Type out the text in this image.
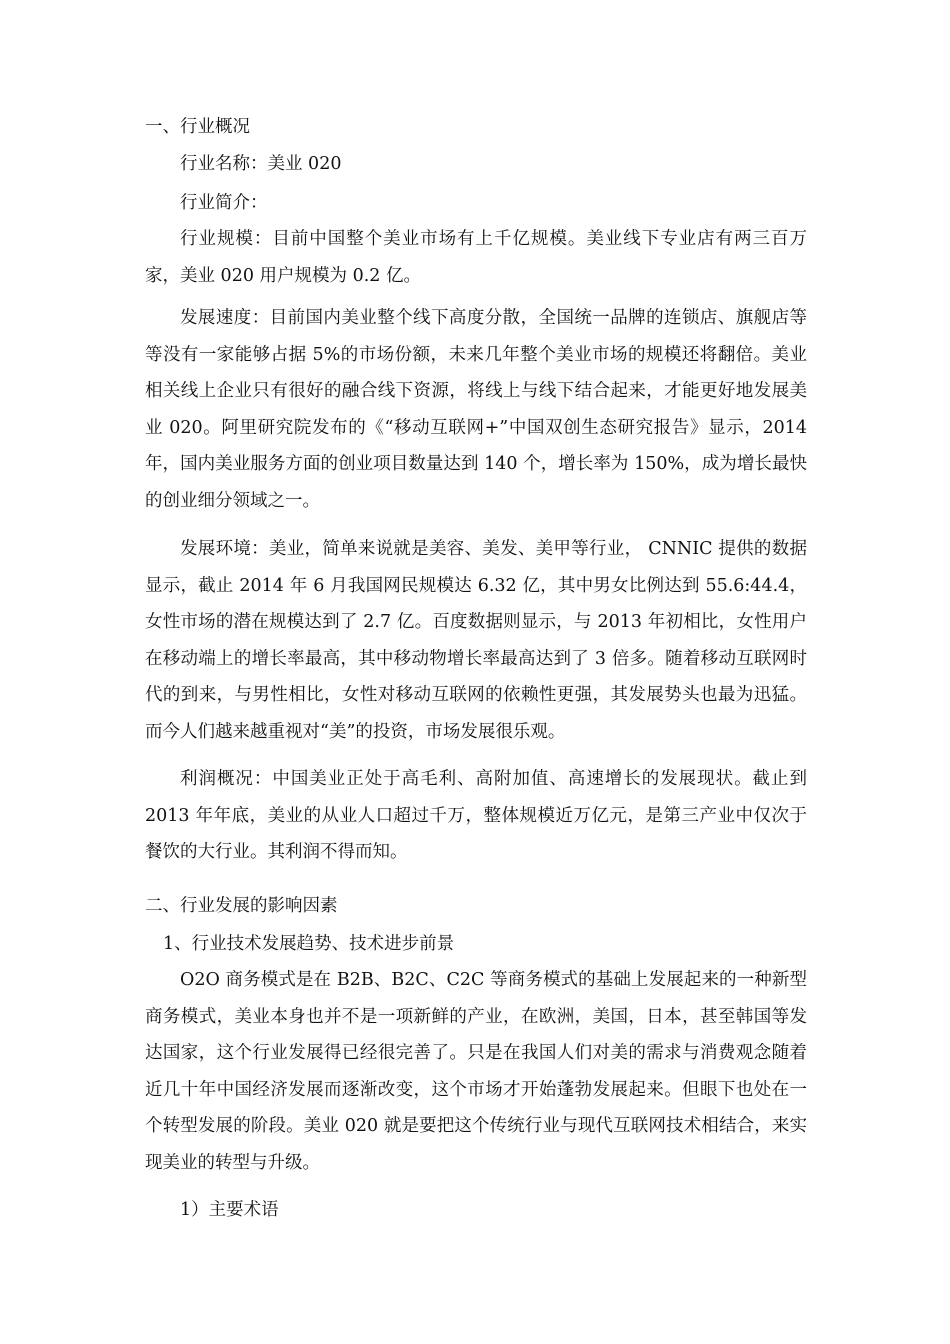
一、行业概况

行业名称：美业 020

行业简介：

行业规模：目前中国整个美业市场有上千亿规模。美业线下专业店有两三百万家，美业 020 用户规模为 0.2 亿。

发展速度：目前国内美业整个线下高度分散，全国统一品牌的连锁店、旗舰店等等没有一家能够占据 5%的市场份额，未来几年整个美业市场的规模还将翻倍。美业相关线上企业只有很好的融合线下资源，将线上与线下结合起来，才能更好地发展美业 020。阿里研究院发布的《“移动互联网+”中国双创生态研究报告》显示，2014 年，国内美业服务方面的创业项目数量达到 140 个，增长率为 150%，成为增长最快的创业细分领域之一。

发展环境：美业，简单来说就是美容、美发、美甲等行业， CNNIC 提供的数据显示，截止 2014 年 6 月我国网民规模达 6.32 亿，其中男女比例达到 55.6:44.4，女性市场的潜在规模达到了 2.7 亿。百度数据则显示，与 2013 年初相比，女性用户在移动端上的增长率最高，其中移动物增长率最高达到了 3 倍多。随着移动互联网时代的到来，与男性相比，女性对移动互联网的依赖性更强，其发展势头也最为迅猛。而今人们越来越重视对“美”的投资，市场发展很乐观。

利润概况：中国美业正处于高毛利、高附加值、高速增长的发展现状。截止到 2013 年年底，美业的从业人口超过千万，整体规模近万亿元，是第三产业中仅次于餐饮的大行业。其利润不得而知。

二、行业发展的影响因素

1、行业技术发展趋势、技术进步前景

O2O 商务模式是在 B2B、B2C、C2C 等商务模式的基础上发展起来的一种新型商务模式，美业本身也并不是一项新鲜的产业，在欧洲，美国，日本，甚至韩国等发达国家，这个行业发展得已经很完善了。只是在我国人们对美的需求与消费观念随着近几十年中国经济发展而逐渐改变，这个市场才开始蓬勃发展起来。但眼下也处在一个转型发展的阶段。美业 020 就是要把这个传统行业与现代互联网技术相结合，来实现美业的转型与升级。

1）主要术语
